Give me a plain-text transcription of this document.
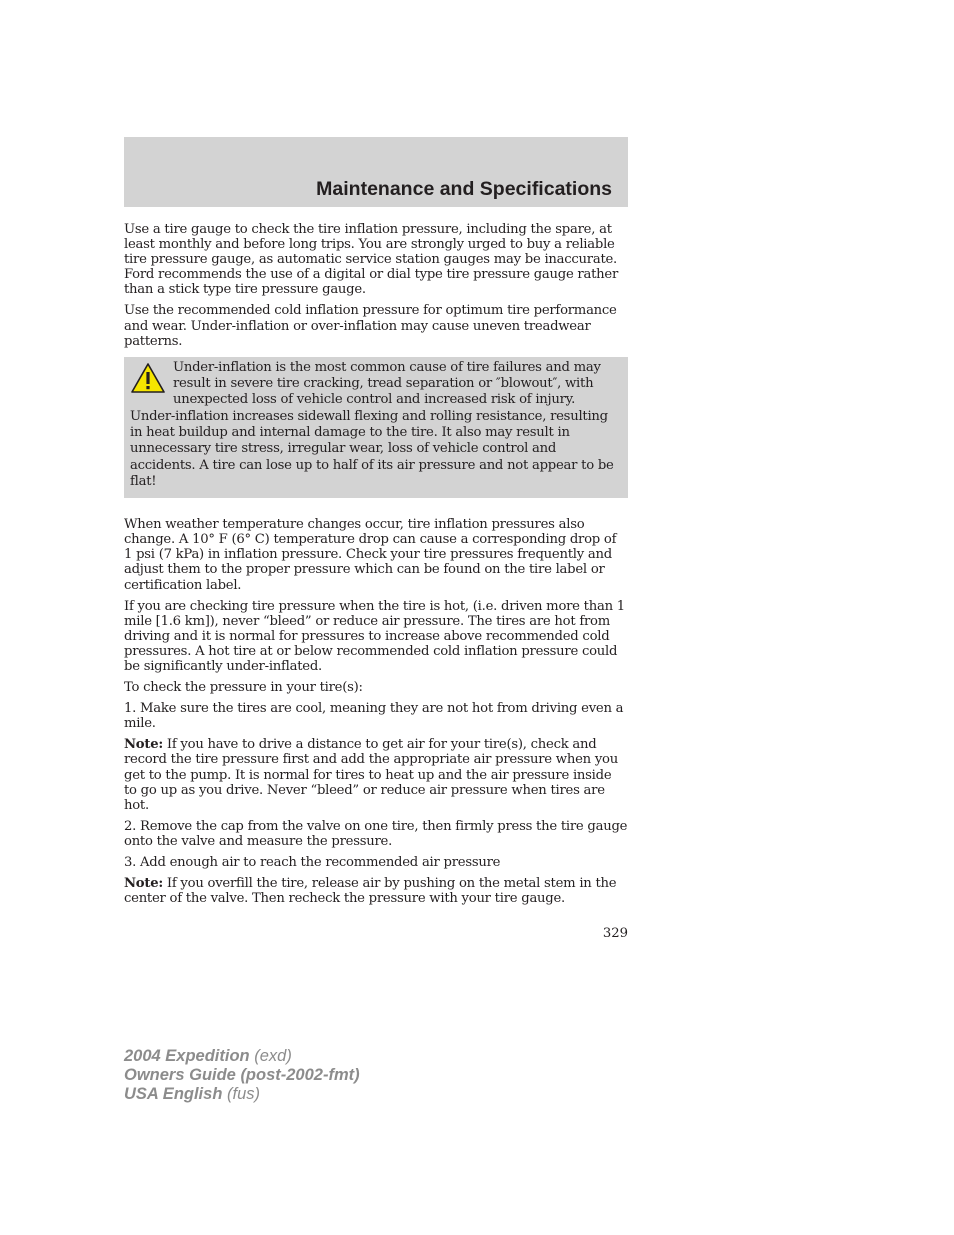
Maintenance and Specifications

Use a tire gauge to check the tire inflation pressure, including the spare, at least monthly and before long trips. You are strongly urged to buy a reliable tire pressure gauge, as automatic service station gauges may be inaccurate. Ford recommends the use of a digital or dial type tire pressure gauge rather than a stick type tire pressure gauge.

Use the recommended cold inflation pressure for optimum tire performance and wear. Under-inflation or over-inflation may cause uneven treadwear patterns.

Under-inflation is the most common cause of tire failures and may result in severe tire cracking, tread separation or ″blowout″, with unexpected loss of vehicle control and increased risk of injury. Under-inflation increases sidewall flexing and rolling resistance, resulting in heat buildup and internal damage to the tire. It also may result in unnecessary tire stress, irregular wear, loss of vehicle control and accidents. A tire can lose up to half of its air pressure and not appear to be flat!

When weather temperature changes occur, tire inflation pressures also change. A 10° F (6° C) temperature drop can cause a corresponding drop of 1 psi (7 kPa) in inflation pressure. Check your tire pressures frequently and adjust them to the proper pressure which can be found on the tire label or certification label.

If you are checking tire pressure when the tire is hot, (i.e. driven more than 1 mile [1.6 km]), never “bleed” or reduce air pressure. The tires are hot from driving and it is normal for pressures to increase above recommended cold pressures. A hot tire at or below recommended cold inflation pressure could be significantly under-inflated.

To check the pressure in your tire(s):

1. Make sure the tires are cool, meaning they are not hot from driving even a mile.

Note: If you have to drive a distance to get air for your tire(s), check and record the tire pressure first and add the appropriate air pressure when you get to the pump. It is normal for tires to heat up and the air pressure inside to go up as you drive. Never “bleed” or reduce air pressure when tires are hot.

2. Remove the cap from the valve on one tire, then firmly press the tire gauge onto the valve and measure the pressure.

3. Add enough air to reach the recommended air pressure

Note: If you overfill the tire, release air by pushing on the metal stem in the center of the valve. Then recheck the pressure with your tire gauge.

329
2004 Expedition (exd)
Owners Guide (post-2002-fmt)
USA English (fus)
